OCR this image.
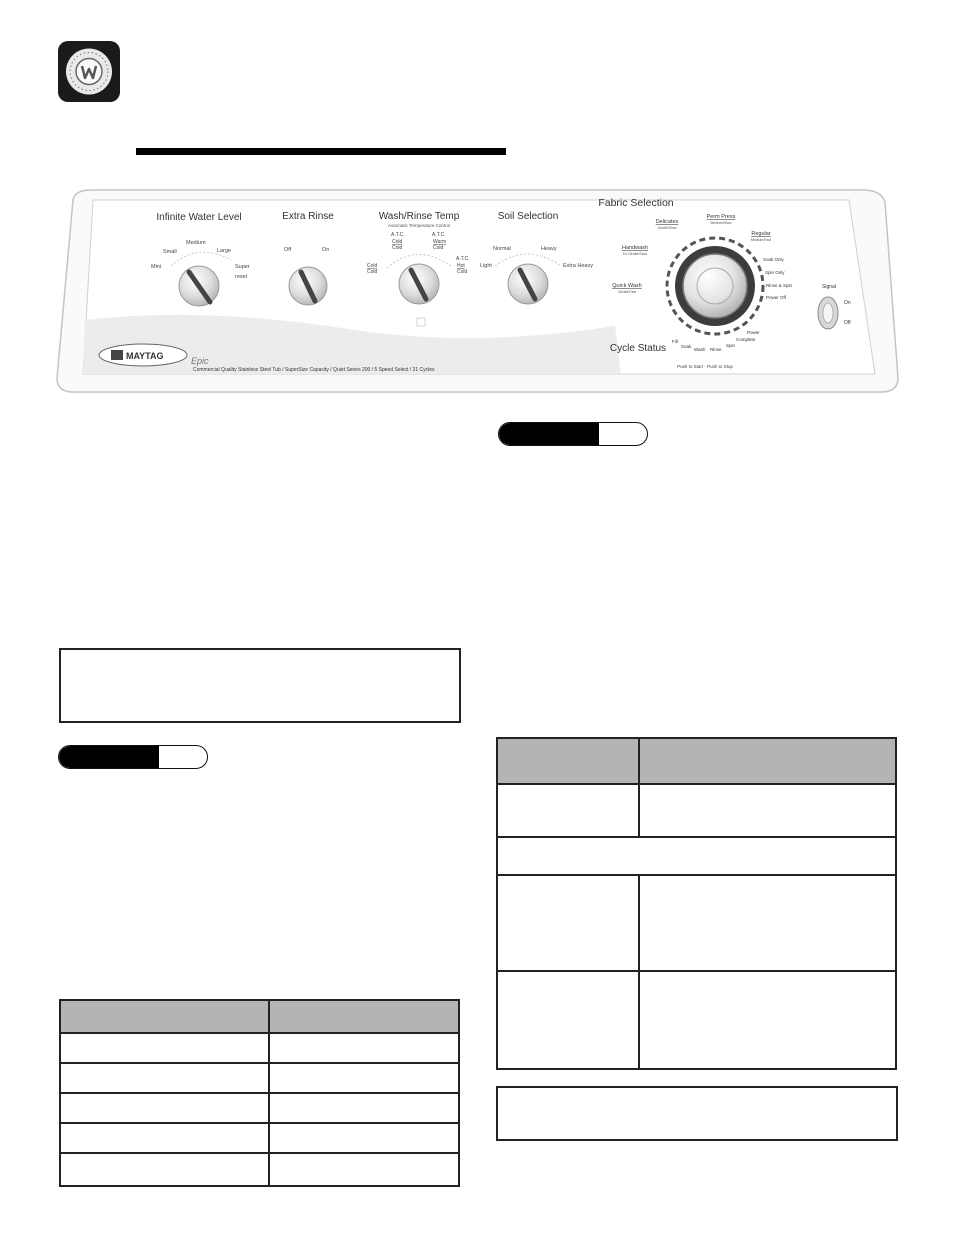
Infinite Water Level	Extra Rinse	Wash/Rinse Temp
Automatic Temperature Control
Soil Selection
Fabric Selection
Mini
Small
Medium
Large
Super
reset
Off	On
A.T.C.
Cold
Cold
A.T.C.
Warm
Cold
Cold
Cold
A.T.C.
Hot
Cold
Normal	Heavy
Light	Extra Heavy
Delicates
Gentle/Slow
Perm Press
Medium/Slow
Regular
Medium/Fast
Handwash
Ex.Gentle/Slow
Quick Wash
Gentle/Fast
Soak Only
Spin Only
Rinse & Spin
Power Off
Power
Complete
Fill
Soak
Wash Rinse
Spin
Cycle Status
Push to Start · Push to Stop
Signal
On
Off
MAYTAG	Epic
Commercial Quality Stainless Steel Tub / SuperSize Capacity / Quiet Series 200 / 5 Speed Select / 21 Cycles
